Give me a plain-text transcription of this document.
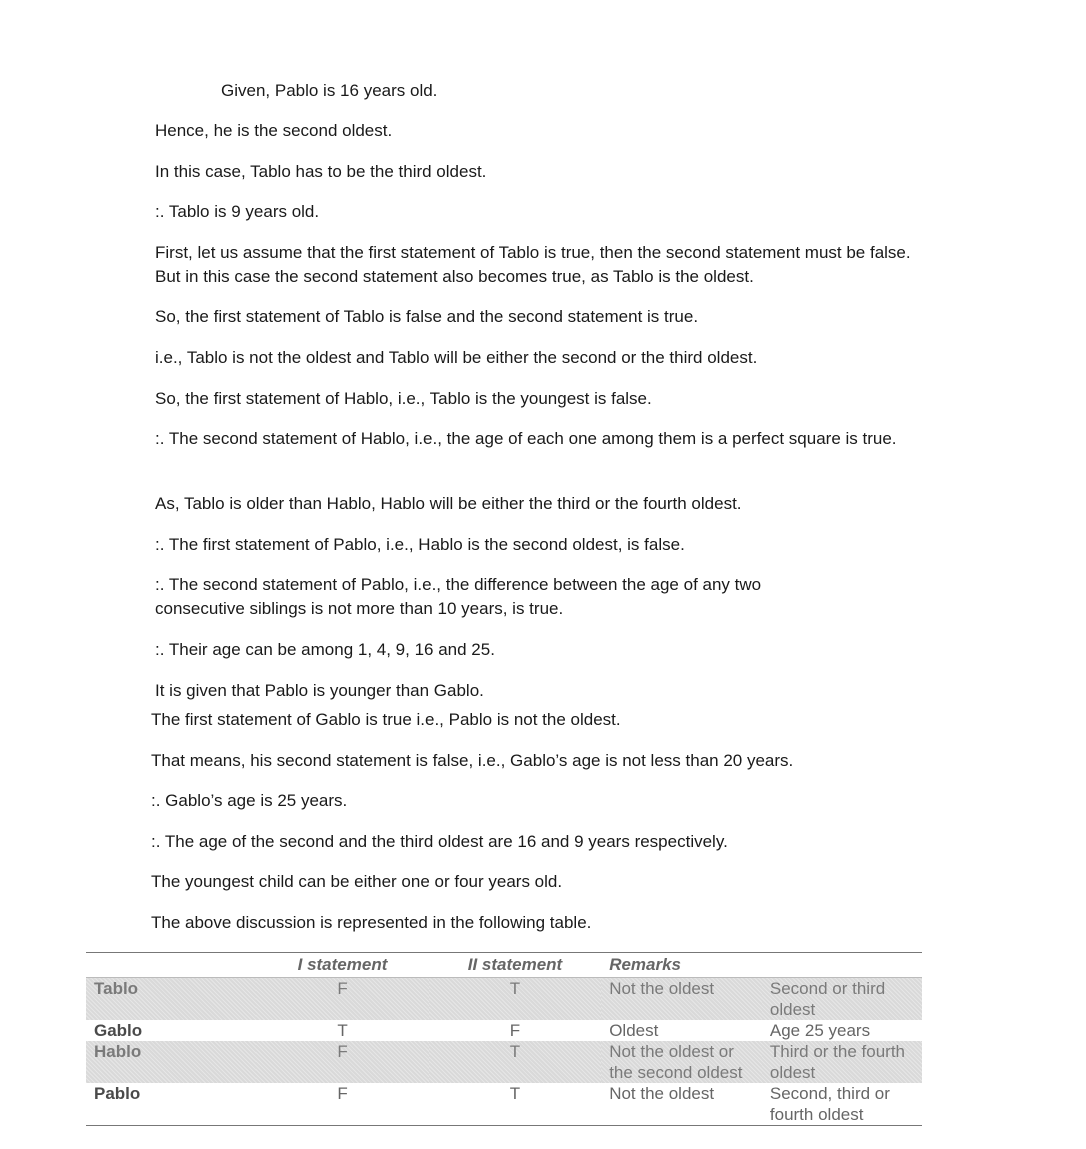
Given, Pablo is 16 years old.

Hence, he is the second oldest.

In this case, Tablo has to be the third oldest.

:. Tablo is 9 years old.

First, let us assume that the first statement of Tablo is true, then the second statement must be false. But in this case the second statement also becomes true, as Tablo is the oldest.

So, the first statement of Tablo is false and the second statement is true.

i.e., Tablo is not the oldest and Tablo will be either the second or the third oldest.

So, the first statement of Hablo, i.e., Tablo is the youngest is false.

:. The second statement of Hablo, i.e., the age of each one among them is a perfect square is true.

As, Tablo is older than Hablo, Hablo will be either the third or the fourth oldest.

:. The first statement of Pablo, i.e., Hablo is the second oldest, is false.

:. The second statement of Pablo, i.e., the difference between the age of any two consecutive siblings is not more than 10 years, is true.

:. Their age can be among 1, 4, 9, 16 and 25.

It is given that Pablo is younger than Gablo.

The first statement of Gablo is true i.e., Pablo is not the oldest.

That means, his second statement is false, i.e., Gablo’s age is not less than 20 years.

:. Gablo’s age is 25 years.

:. The age of the second and the third oldest are 16 and 9 years respectively.

The youngest child can be either one or four years old.

The above discussion is represented in the following table.

	I statement	II statement	Remarks	
Tablo	F	T	Not the oldest	Second or third oldest
Gablo	T	F	Oldest	Age 25 years
Hablo	F	T	Not the oldest or the second oldest	Third or the fourth oldest
Pablo	F	T	Not the oldest	Second, third or fourth oldest
